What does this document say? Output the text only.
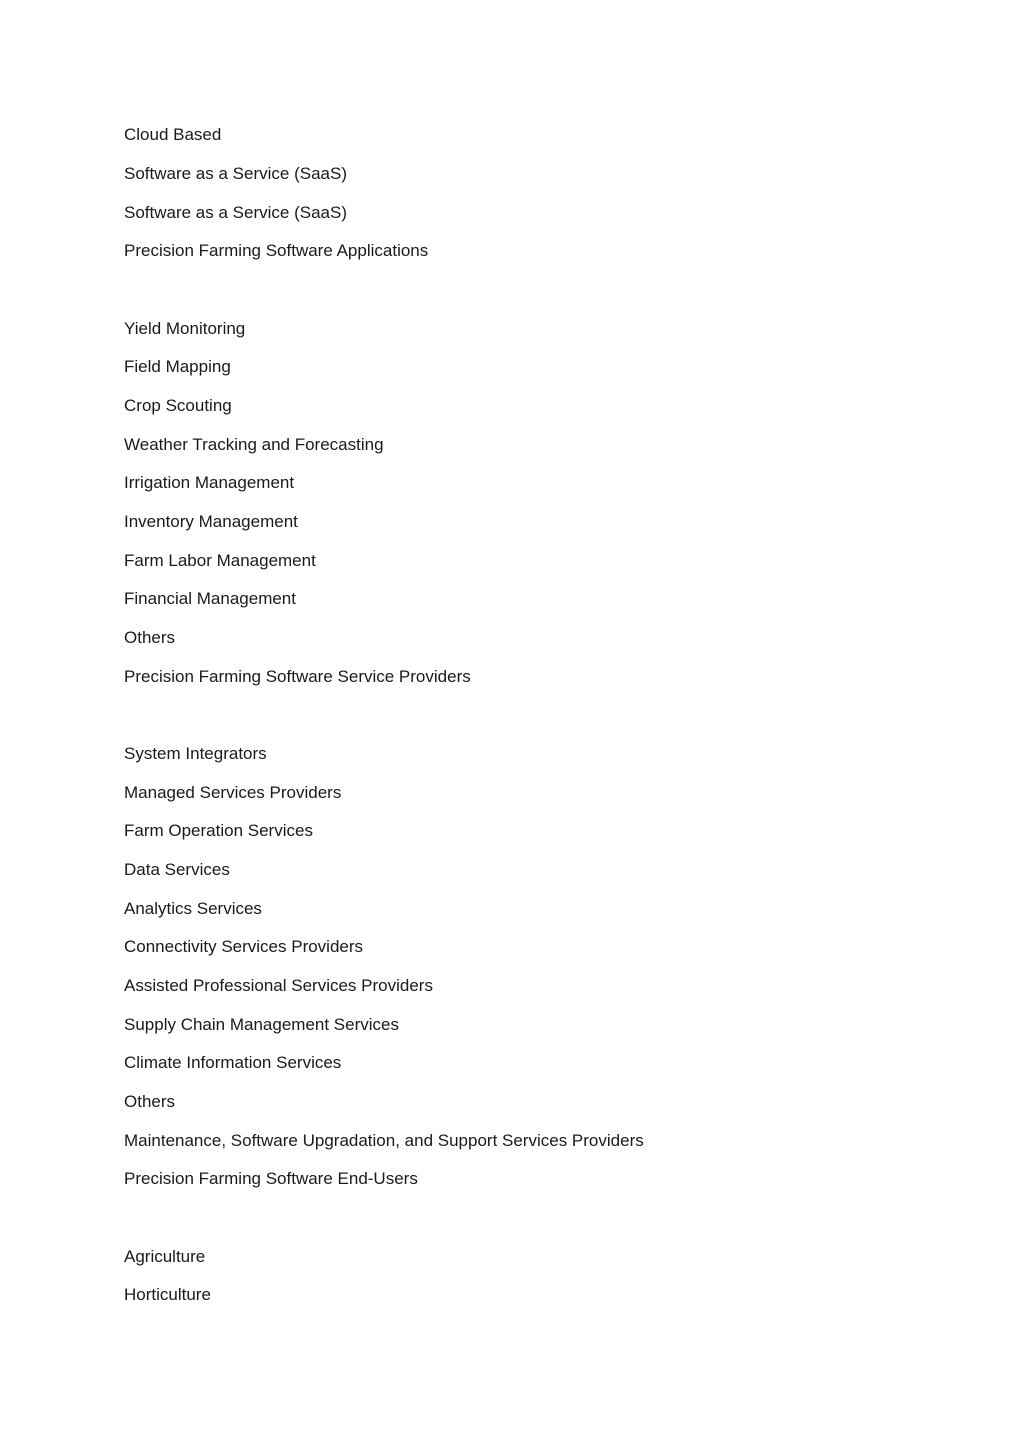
Cloud Based

Software as a Service (SaaS)

Software as a Service (SaaS)

Precision Farming Software Applications

Yield Monitoring

Field Mapping

Crop Scouting

Weather Tracking and Forecasting

Irrigation Management

Inventory Management

Farm Labor Management

Financial Management

Others

Precision Farming Software Service Providers

System Integrators

Managed Services Providers

Farm Operation Services

Data Services

Analytics Services

Connectivity Services Providers

Assisted Professional Services Providers

Supply Chain Management Services

Climate Information Services

Others

Maintenance, Software Upgradation, and Support Services Providers

Precision Farming Software End-Users

Agriculture

Horticulture
